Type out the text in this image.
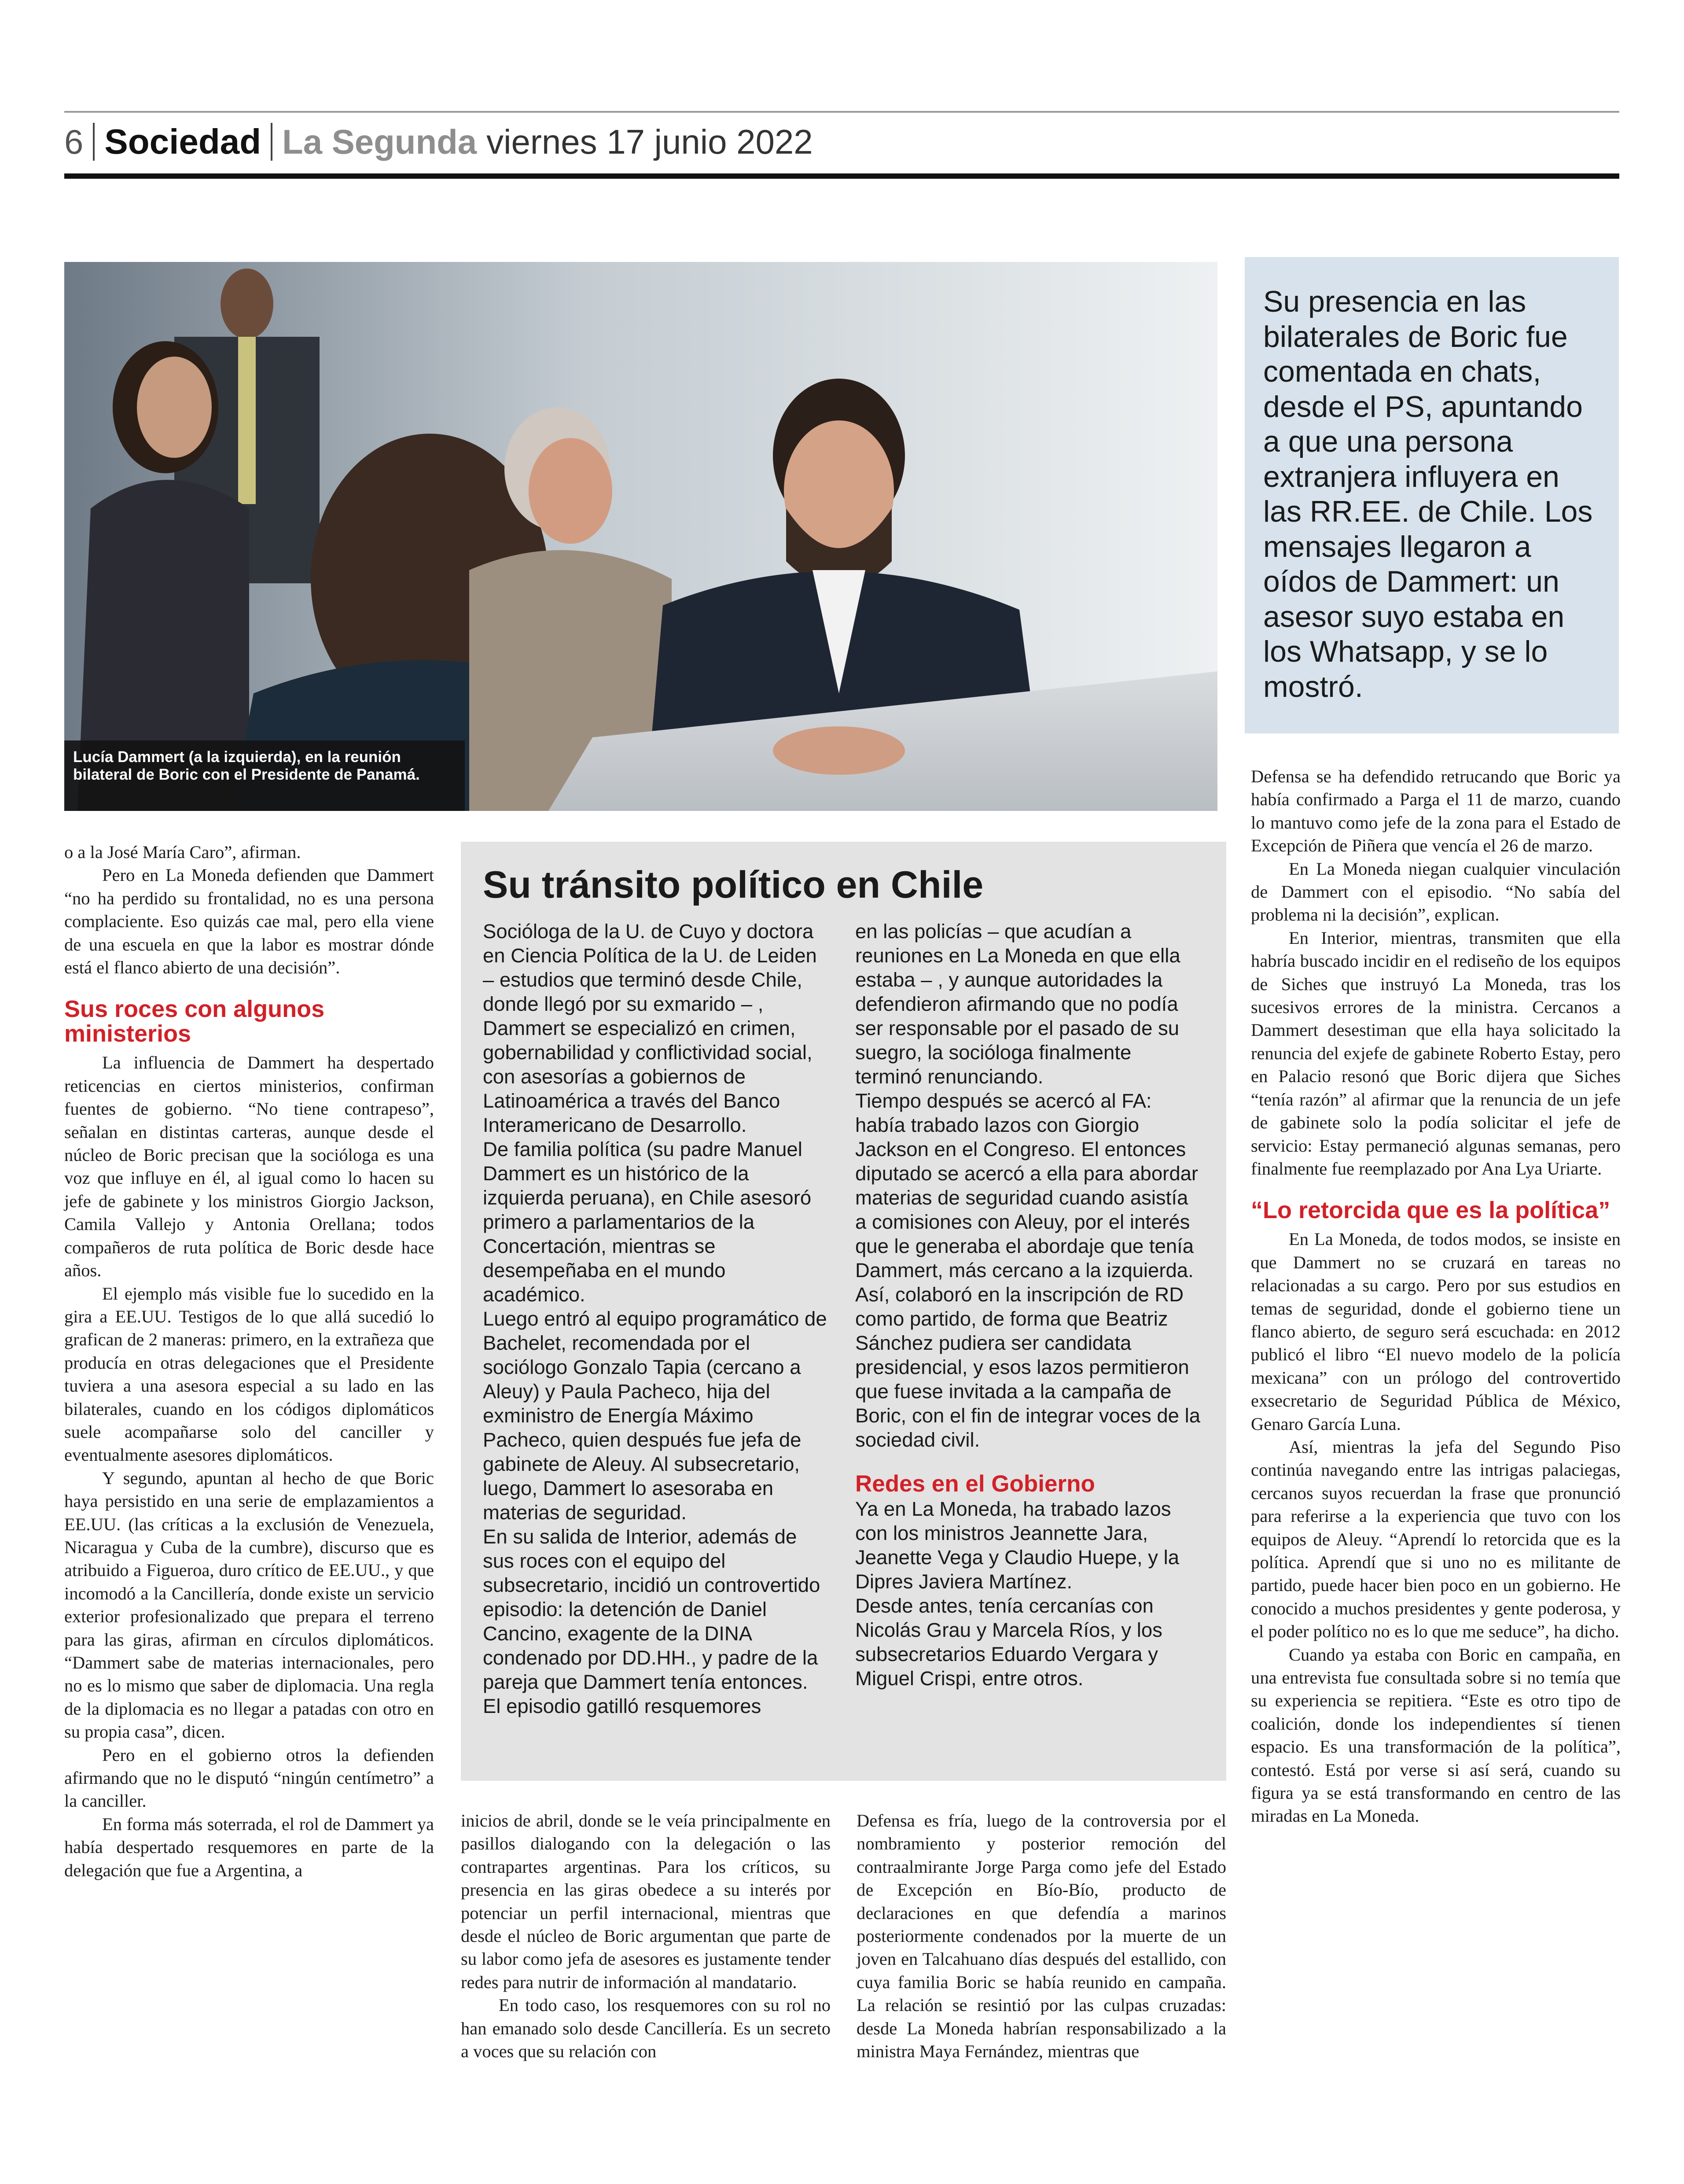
6 Sociedad La Segunda viernes 17 junio 2022
Lucía Dammert (a la izquierda), en la reunión bilateral de Boric con el Presidente de Panamá.

Su presencia en las bilaterales de Boric fue comentada en chats, desde el PS, apuntando a que una persona extranjera influyera en las RR.EE. de Chile. Los mensajes llegaron a oídos de Dammert: un asesor suyo estaba en los Whatsapp, y se lo mostró.

o a la José María Caro”, afirman.

Pero en La Moneda defienden que Dammert “no ha perdido su frontalidad, no es una persona complaciente. Eso quizás cae mal, pero ella viene de una escuela en que la labor es mostrar dónde está el flanco abierto de una decisión”.

Sus roces con algunos ministerios

La influencia de Dammert ha despertado reticencias en ciertos ministerios, confirman fuentes de gobierno. “No tiene contrapeso”, señalan en distintas carteras, aunque desde el núcleo de Boric precisan que la socióloga es una voz que influye en él, al igual como lo hacen su jefe de gabinete y los ministros Giorgio Jackson, Camila Vallejo y Antonia Orellana; todos compañeros de ruta política de Boric desde hace años.

El ejemplo más visible fue lo sucedido en la gira a EE.UU. Testigos de lo que allá sucedió lo grafican de 2 maneras: primero, en la extrañeza que producía en otras delegaciones que el Presidente tuviera a una asesora especial a su lado en las bilaterales, cuando en los códigos diplomáticos suele acompañarse solo del canciller y eventualmente asesores diplomáticos.

Y segundo, apuntan al hecho de que Boric haya persistido en una serie de emplazamientos a EE.UU. (las críticas a la exclusión de Venezuela, Nicaragua y Cuba de la cumbre), discurso que es atribuido a Figueroa, duro crítico de EE.UU., y que incomodó a la Cancillería, donde existe un servicio exterior profesionalizado que prepara el terreno para las giras, afirman en círculos diplomáticos. “Dammert sabe de materias internacionales, pero no es lo mismo que saber de diplomacia. Una regla de la diplomacia es no llegar a patadas con otro en su propia casa”, dicen.

Pero en el gobierno otros la defienden afirmando que no le disputó “ningún centímetro” a la canciller.

En forma más soterrada, el rol de Dammert ya había despertado resquemores en parte de la delegación que fue a Argentina, a

Su tránsito político en Chile

Socióloga de la U. de Cuyo y doctora en Ciencia Política de la U. de Leiden – estudios que terminó desde Chile, donde llegó por su exmarido – , Dammert se especializó en crimen, gobernabilidad y conflictividad social, con asesorías a gobiernos de Latinoamérica a través del Banco Interamericano de Desarrollo.

De familia política (su padre Manuel Dammert es un histórico de la izquierda peruana), en Chile asesoró primero a parlamentarios de la Concertación, mientras se desempeñaba en el mundo académico.

Luego entró al equipo programático de Bachelet, recomendada por el sociólogo Gonzalo Tapia (cercano a Aleuy) y Paula Pacheco, hija del exministro de Energía Máximo Pacheco, quien después fue jefa de gabinete de Aleuy. Al subsecretario, luego, Dammert lo asesoraba en materias de seguridad.

En su salida de Interior, además de sus roces con el equipo del subsecretario, incidió un controvertido episodio: la detención de Daniel Cancino, exagente de la DINA condenado por DD.HH., y padre de la pareja que Dammert tenía entonces. El episodio gatilló resquemores

en las policías – que acudían a reuniones en La Moneda en que ella estaba – , y aunque autoridades la defendieron afirmando que no podía ser responsable por el pasado de su suegro, la socióloga finalmente terminó renunciando.

Tiempo después se acercó al FA: había trabado lazos con Giorgio Jackson en el Congreso. El entonces diputado se acercó a ella para abordar materias de seguridad cuando asistía a comisiones con Aleuy, por el interés que le generaba el abordaje que tenía Dammert, más cercano a la izquierda.

Así, colaboró en la inscripción de RD como partido, de forma que Beatriz Sánchez pudiera ser candidata presidencial, y esos lazos permitieron que fuese invitada a la campaña de Boric, con el fin de integrar voces de la sociedad civil.

Redes en el Gobierno

Ya en La Moneda, ha trabado lazos con los ministros Jeannette Jara, Jeanette Vega y Claudio Huepe, y la Dipres Javiera Martínez.

Desde antes, tenía cercanías con Nicolás Grau y Marcela Ríos, y los subsecretarios Eduardo Vergara y Miguel Crispi, entre otros.

inicios de abril, donde se le veía principalmente en pasillos dialogando con la delegación o las contrapartes argentinas. Para los críticos, su presencia en las giras obedece a su interés por potenciar un perfil internacional, mientras que desde el núcleo de Boric argumentan que parte de su labor como jefa de asesores es justamente tender redes para nutrir de información al mandatario.

En todo caso, los resquemores con su rol no han emanado solo desde Cancillería. Es un secreto a voces que su relación con

Defensa es fría, luego de la controversia por el nombramiento y posterior remoción del contraalmirante Jorge Parga como jefe del Estado de Excepción en Bío-Bío, producto de declaraciones en que defendía a marinos posteriormente condenados por la muerte de un joven en Talcahuano días después del estallido, con cuya familia Boric se había reunido en campaña. La relación se resintió por las culpas cruzadas: desde La Moneda habrían responsabilizado a la ministra Maya Fernández, mientras que

Defensa se ha defendido retrucando que Boric ya había confirmado a Parga el 11 de marzo, cuando lo mantuvo como jefe de la zona para el Estado de Excepción de Piñera que vencía el 26 de marzo.

En La Moneda niegan cualquier vinculación de Dammert con el episodio. “No sabía del problema ni la decisión”, explican.

En Interior, mientras, transmiten que ella habría buscado incidir en el rediseño de los equipos de Siches que instruyó La Moneda, tras los sucesivos errores de la ministra. Cercanos a Dammert desestiman que ella haya solicitado la renuncia del exjefe de gabinete Roberto Estay, pero en Palacio resonó que Boric dijera que Siches “tenía razón” al afirmar que la renuncia de un jefe de gabinete solo la podía solicitar el jefe de servicio: Estay permaneció algunas semanas, pero finalmente fue reemplazado por Ana Lya Uriarte.

“Lo retorcida que es la política”

En La Moneda, de todos modos, se insiste en que Dammert no se cruzará en tareas no relacionadas a su cargo. Pero por sus estudios en temas de seguridad, donde el gobierno tiene un flanco abierto, de seguro será escuchada: en 2012 publicó el libro “El nuevo modelo de la policía mexicana” con un prólogo del controvertido exsecretario de Seguridad Pública de México, Genaro García Luna.

Así, mientras la jefa del Segundo Piso continúa navegando entre las intrigas palaciegas, cercanos suyos recuerdan la frase que pronunció para referirse a la experiencia que tuvo con los equipos de Aleuy. “Aprendí lo retorcida que es la política. Aprendí que si uno no es militante de partido, puede hacer bien poco en un gobierno. He conocido a muchos presidentes y gente poderosa, y el poder político no es lo que me seduce”, ha dicho.

Cuando ya estaba con Boric en campaña, en una entrevista fue consultada sobre si no temía que su experiencia se repitiera. “Este es otro tipo de coalición, donde los independientes sí tienen espacio. Es una transformación de la política”, contestó. Está por verse si así será, cuando su figura ya se está transformando en centro de las miradas en La Moneda.
